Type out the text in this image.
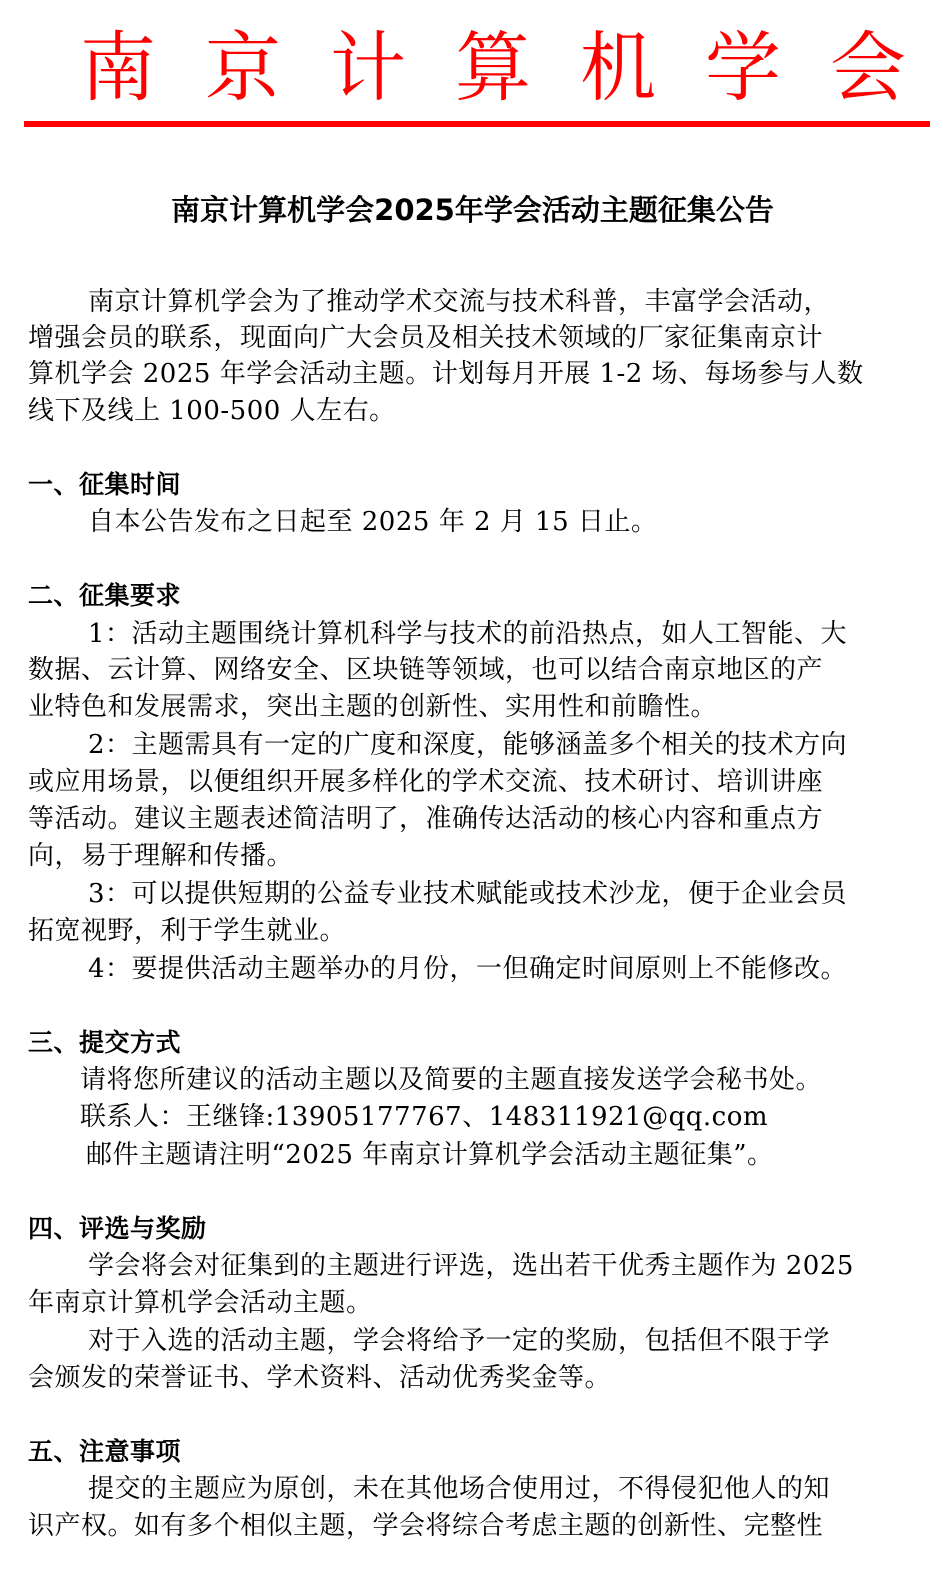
南 京 计 算 机 学 会
南京计算机学会2025年学会活动主题征集公告
南京计算机学会为了推动学术交流与技术科普，丰富学会活动，
增强会员的联系，现面向广大会员及相关技术领域的厂家征集南京计
算机学会 2025 年学会活动主题。计划每月开展 1-2 场、每场参与人数
线下及线上 100-500 人左右。
一、征集时间
自本公告发布之日起至 2025 年 2 月 15 日止。
二、征集要求
1：活动主题围绕计算机科学与技术的前沿热点，如人工智能、大
数据、云计算、网络安全、区块链等领域，也可以结合南京地区的产
业特色和发展需求，突出主题的创新性、实用性和前瞻性。
2：主题需具有一定的广度和深度，能够涵盖多个相关的技术方向
或应用场景，以便组织开展多样化的学术交流、技术研讨、培训讲座
等活动。建议主题表述简洁明了，准确传达活动的核心内容和重点方
向，易于理解和传播。
3：可以提供短期的公益专业技术赋能或技术沙龙，便于企业会员
拓宽视野，利于学生就业。
4：要提供活动主题举办的月份，一但确定时间原则上不能修改。
三、提交方式
请将您所建议的活动主题以及简要的主题直接发送学会秘书处。
联系人：王继锋:13905177767、148311921@qq.com
邮件主题请注明“2025 年南京计算机学会活动主题征集”。
四、评选与奖励
学会将会对征集到的主题进行评选，选出若干优秀主题作为 2025
年南京计算机学会活动主题。
对于入选的活动主题，学会将给予一定的奖励，包括但不限于学
会颁发的荣誉证书、学术资料、活动优秀奖金等。
五、注意事项
提交的主题应为原创，未在其他场合使用过，不得侵犯他人的知
识产权。如有多个相似主题，学会将综合考虑主题的创新性、完整性
